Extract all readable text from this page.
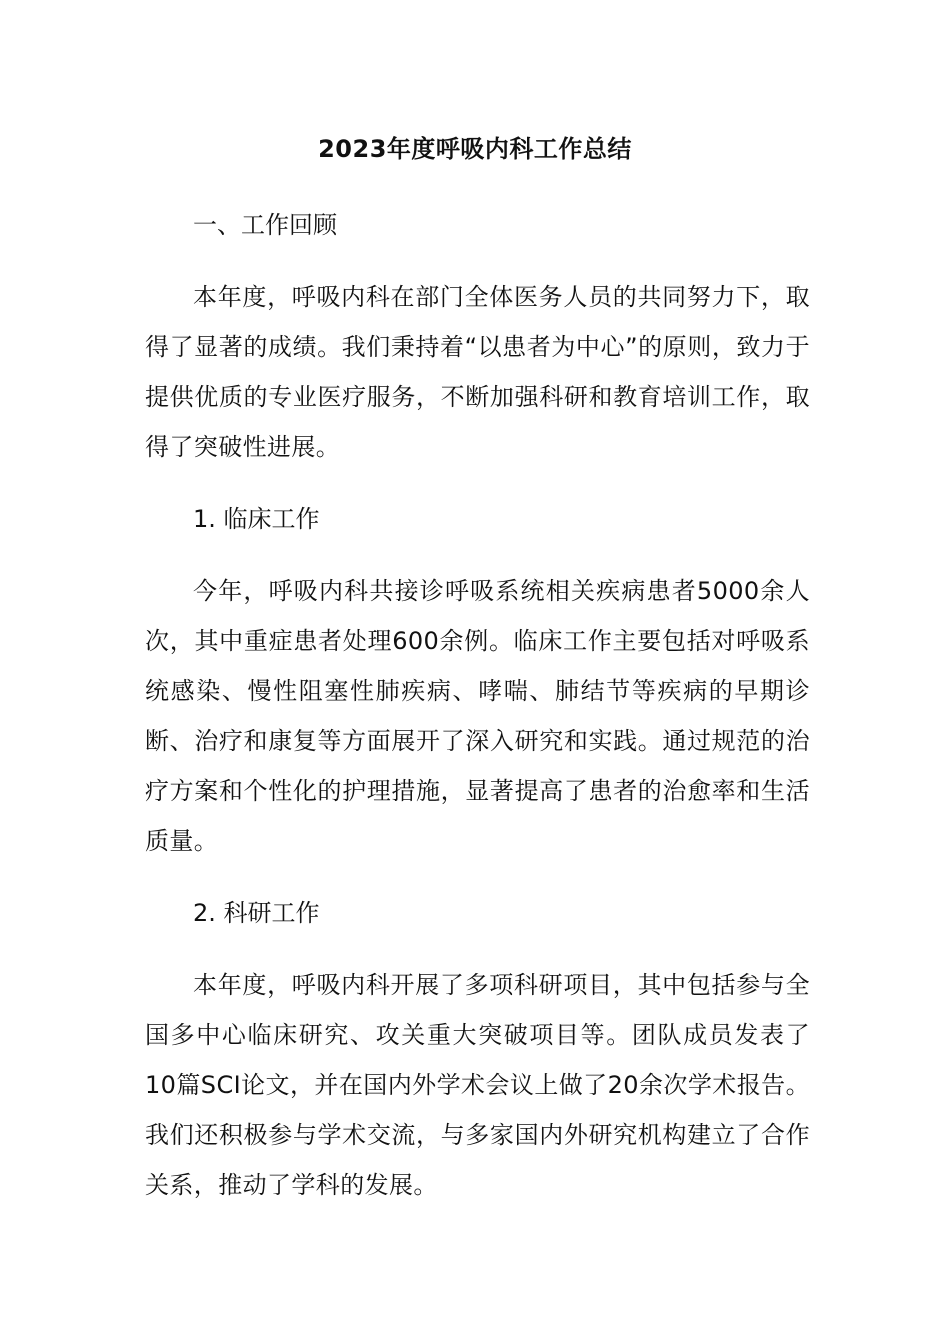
2023年度呼吸内科工作总结

一、工作回顾

本年度，呼吸内科在部门全体医务人员的共同努力下，取得了显著的成绩。我们秉持着“以患者为中心”的原则，致力于提供优质的专业医疗服务，不断加强科研和教育培训工作，取得了突破性进展。

1. 临床工作

今年，呼吸内科共接诊呼吸系统相关疾病患者5000余人次，其中重症患者处理600余例。临床工作主要包括对呼吸系统感染、慢性阻塞性肺疾病、哮喘、肺结节等疾病的早期诊断、治疗和康复等方面展开了深入研究和实践。通过规范的治疗方案和个性化的护理措施，显著提高了患者的治愈率和生活质量。

2. 科研工作

本年度，呼吸内科开展了多项科研项目，其中包括参与全国多中心临床研究、攻关重大突破项目等。团队成员发表了10篇SCI论文，并在国内外学术会议上做了20余次学术报告。我们还积极参与学术交流，与多家国内外研究机构建立了合作关系，推动了学科的发展。
